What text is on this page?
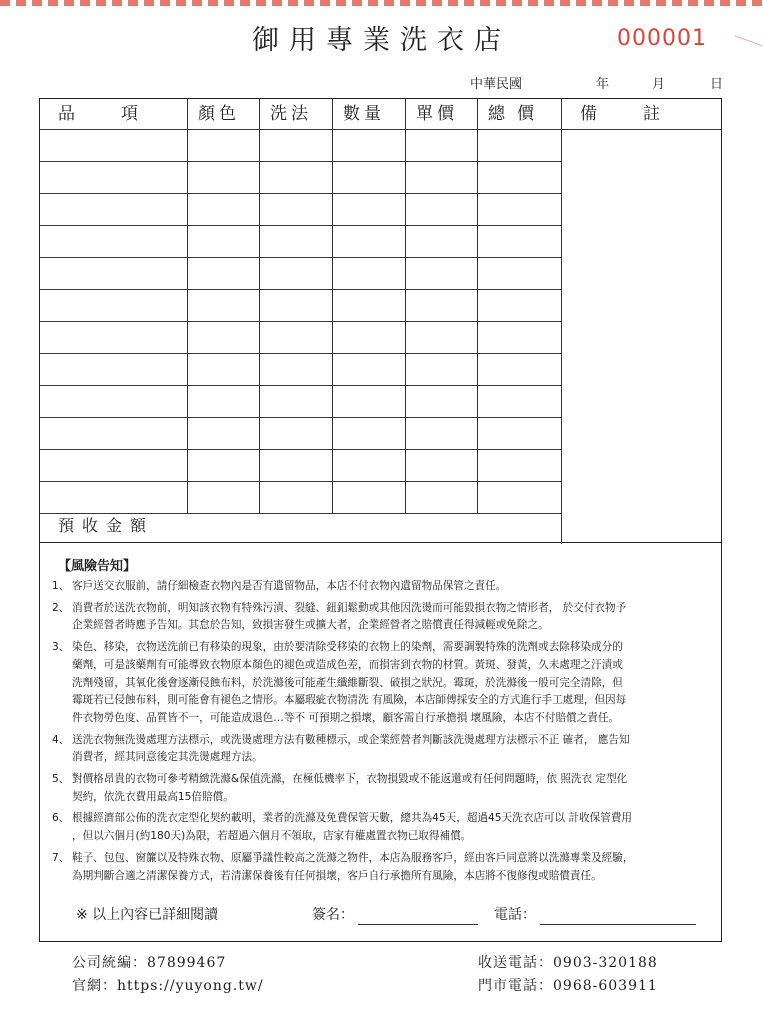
御用專業洗衣店	000001
中華民國	年	月	日
品　　項	顏色 洗法 數量 單價 總價 備　　註
預收金額
【風險告知】
1、 客戶送交衣服前，請仔細檢查衣物內是否有遺留物品，本店不付衣物內遺留物品保管之責任。
2、 消費者於送洗衣物前，明知該衣物有特殊污漬、裂縫、鈕釦鬆動或其他因洗燙而可能毀損衣物之情形者， 於交付衣物予
企業經營者時應予告知。其怠於告知，致損害發生或擴大者，企業經營者之賠償責任得減輕或免除之。
3、 染色、移染，衣物送洗前已有移染的現象，由於要清除受移染的衣物上的染劑，需要調製特殊的洗劑或去除移染成分的
藥劑，可是該藥劑有可能導致衣物原本顏色的褪色或造成色差，而損害到衣物的材質。黃斑、發黃，久未處理之汙漬或
洗劑殘留，其氧化後會逐漸侵蝕布料，於洗滌後可能產生纖維斷裂、破損之狀況。霉斑，於洗滌後一般可完全清除，但
霉斑若已侵蝕布料，則可能會有褪色之情形。本屬瑕疵衣物清洗 有風險，本店師傅採安全的方式進行手工處理，但因每
件衣物勞色度、品質皆不一，可能造成退色…等不 可預期之損壞，顧客需自行承擔損 壞風險，本店不付賠償之責任。
4、 送洗衣物無洗燙處理方法標示，或洗燙處理方法有數種標示，或企業經營者判斷該洗燙處理方法標示不正 確者， 應告知
消費者，經其同意後定其洗燙處理方法。
5、 對價格昂貴的衣物可參考精緻洗滌&保值洗滌，在極低機率下，衣物損毀或不能返還或有任何問題時，依 照洗衣 定型化
契約，依洗衣費用最高15倍賠償。
6、 根據經濟部公佈的洗衣定型化契約載明，業者的洗滌及免費保管天數，總共為45天，超過45天洗衣店可以 計收保管費用
，但以六個月(約180天)為限，若超過六個月不領取，店家有權處置衣物已取得補償。
7、 鞋子、包包、窗簾以及特殊衣物、原屬爭議性較高之洗滌之物件，本店為服務客戶，經由客戶同意將以洗滌專業及經驗，
為期判斷合適之清潔保養方式，若清潔保養後有任何損壞，客戶自行承擔所有風險，本店將不復修復或賠償責任。
※ 以上內容已詳細閱讀	簽名：	電話：
公司統編：87899467
官網：https://yuyong.tw/
收送電話：0903-320188
門市電話：0968-603911
